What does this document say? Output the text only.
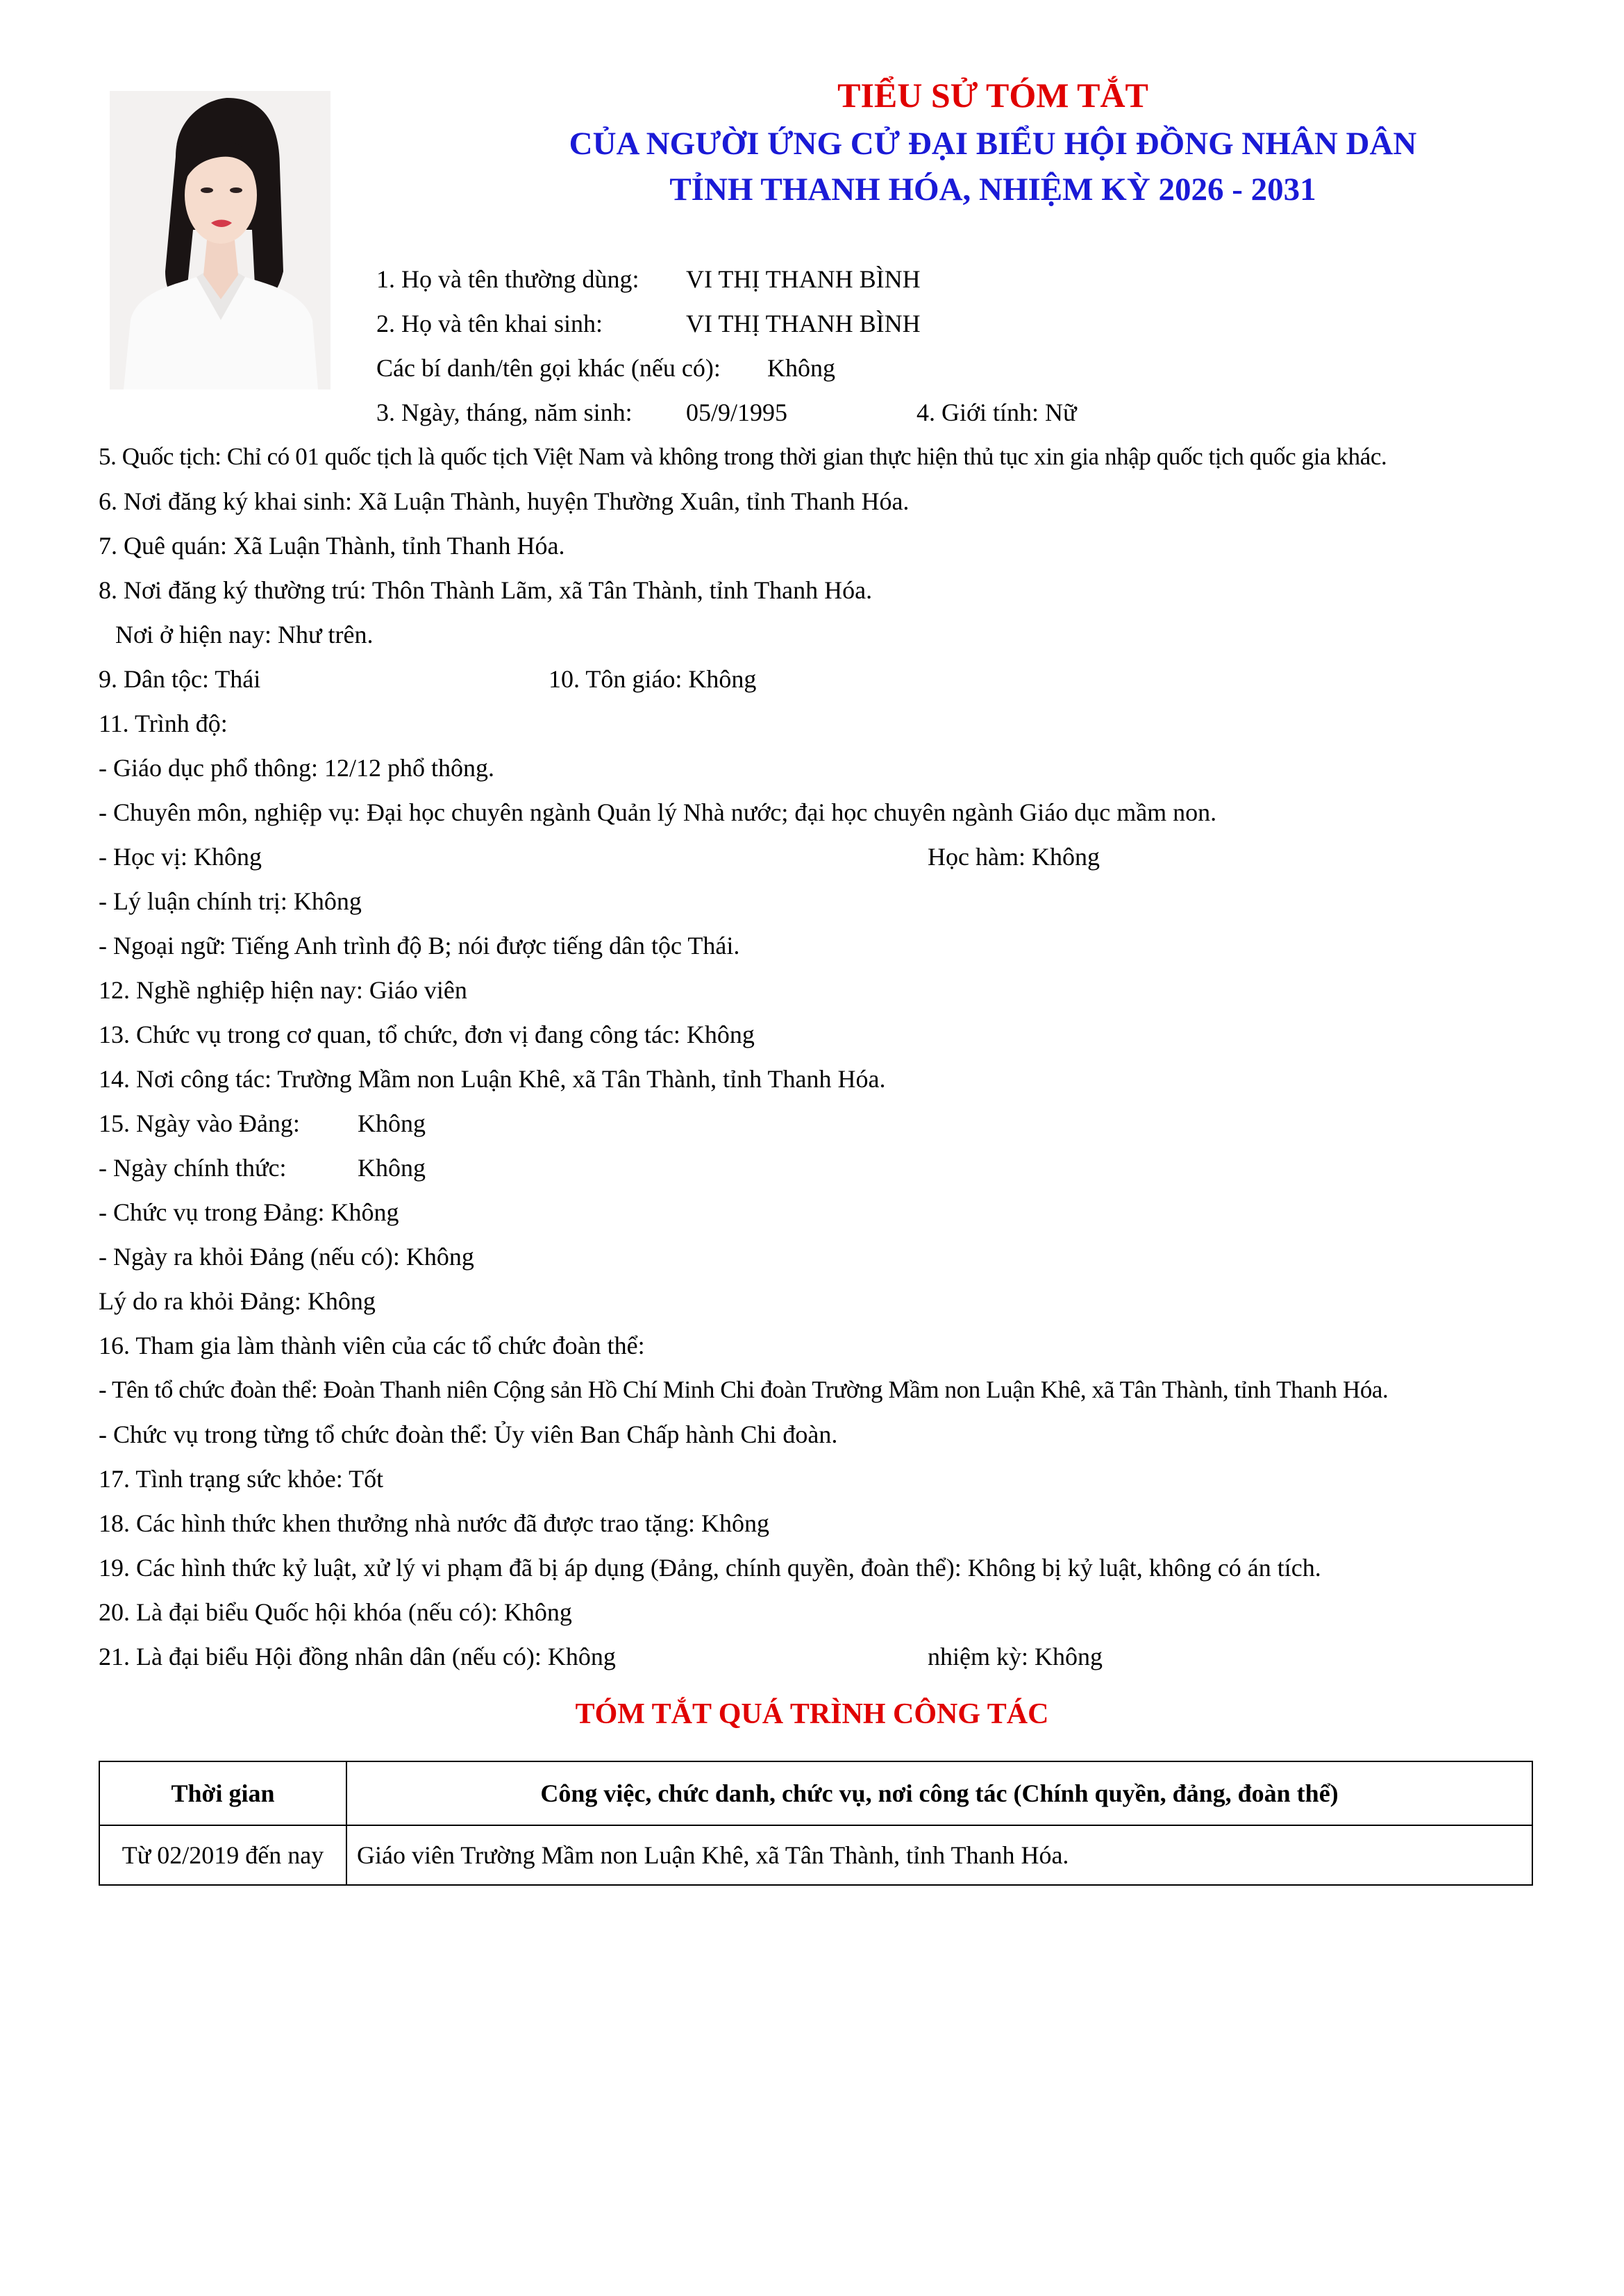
TIỂU SỬ TÓM TẮT
CỦA NGƯỜI ỨNG CỬ ĐẠI BIỂU HỘI ĐỒNG NHÂN DÂN
TỈNH THANH HÓA, NHIỆM KỲ 2026 - 2031
1. Họ và tên thường dùng: VI THỊ THANH BÌNH
2. Họ và tên khai sinh:	VI THỊ THANH BÌNH
Các bí danh/tên gọi khác (nếu có): Không
3. Ngày, tháng, năm sinh: 05/9/1995	4. Giới tính: Nữ
5. Quốc tịch: Chỉ có 01 quốc tịch là quốc tịch Việt Nam và không trong thời gian thực hiện thủ tục xin gia nhập quốc tịch quốc gia khác.
6. Nơi đăng ký khai sinh: Xã Luận Thành, huyện Thường Xuân, tỉnh Thanh Hóa.
7. Quê quán: Xã Luận Thành, tỉnh Thanh Hóa.
8. Nơi đăng ký thường trú: Thôn Thành Lãm, xã Tân Thành, tỉnh Thanh Hóa.
Nơi ở hiện nay: Như trên.
9. Dân tộc: Thái	10. Tôn giáo: Không
11. Trình độ:
- Giáo dục phổ thông: 12/12 phổ thông.
- Chuyên môn, nghiệp vụ: Đại học chuyên ngành Quản lý Nhà nước; đại học chuyên ngành Giáo dục mầm non.
- Học vị: Không	Học hàm: Không
- Lý luận chính trị: Không
- Ngoại ngữ: Tiếng Anh trình độ B; nói được tiếng dân tộc Thái.
12. Nghề nghiệp hiện nay: Giáo viên
13. Chức vụ trong cơ quan, tổ chức, đơn vị đang công tác: Không
14. Nơi công tác: Trường Mầm non Luận Khê, xã Tân Thành, tỉnh Thanh Hóa.
15. Ngày vào Đảng: Không
- Ngày chính thức:	Không
- Chức vụ trong Đảng: Không
- Ngày ra khỏi Đảng (nếu có): Không
Lý do ra khỏi Đảng: Không
16. Tham gia làm thành viên của các tổ chức đoàn thể:
- Tên tổ chức đoàn thể: Đoàn Thanh niên Cộng sản Hồ Chí Minh Chi đoàn Trường Mầm non Luận Khê, xã Tân Thành, tỉnh Thanh Hóa.
- Chức vụ trong từng tổ chức đoàn thể: Ủy viên Ban Chấp hành Chi đoàn.
17. Tình trạng sức khỏe: Tốt
18. Các hình thức khen thưởng nhà nước đã được trao tặng: Không
19. Các hình thức kỷ luật, xử lý vi phạm đã bị áp dụng (Đảng, chính quyền, đoàn thể): Không bị kỷ luật, không có án tích.
20. Là đại biểu Quốc hội khóa (nếu có): Không
21. Là đại biểu Hội đồng nhân dân (nếu có): Không	nhiệm kỳ: Không
TÓM TẮT QUÁ TRÌNH CÔNG TÁC
Thời gian	Công việc, chức danh, chức vụ, nơi công tác (Chính quyền, đảng, đoàn thể)
Từ 02/2019 đến nay	Giáo viên Trường Mầm non Luận Khê, xã Tân Thành, tỉnh Thanh Hóa.
